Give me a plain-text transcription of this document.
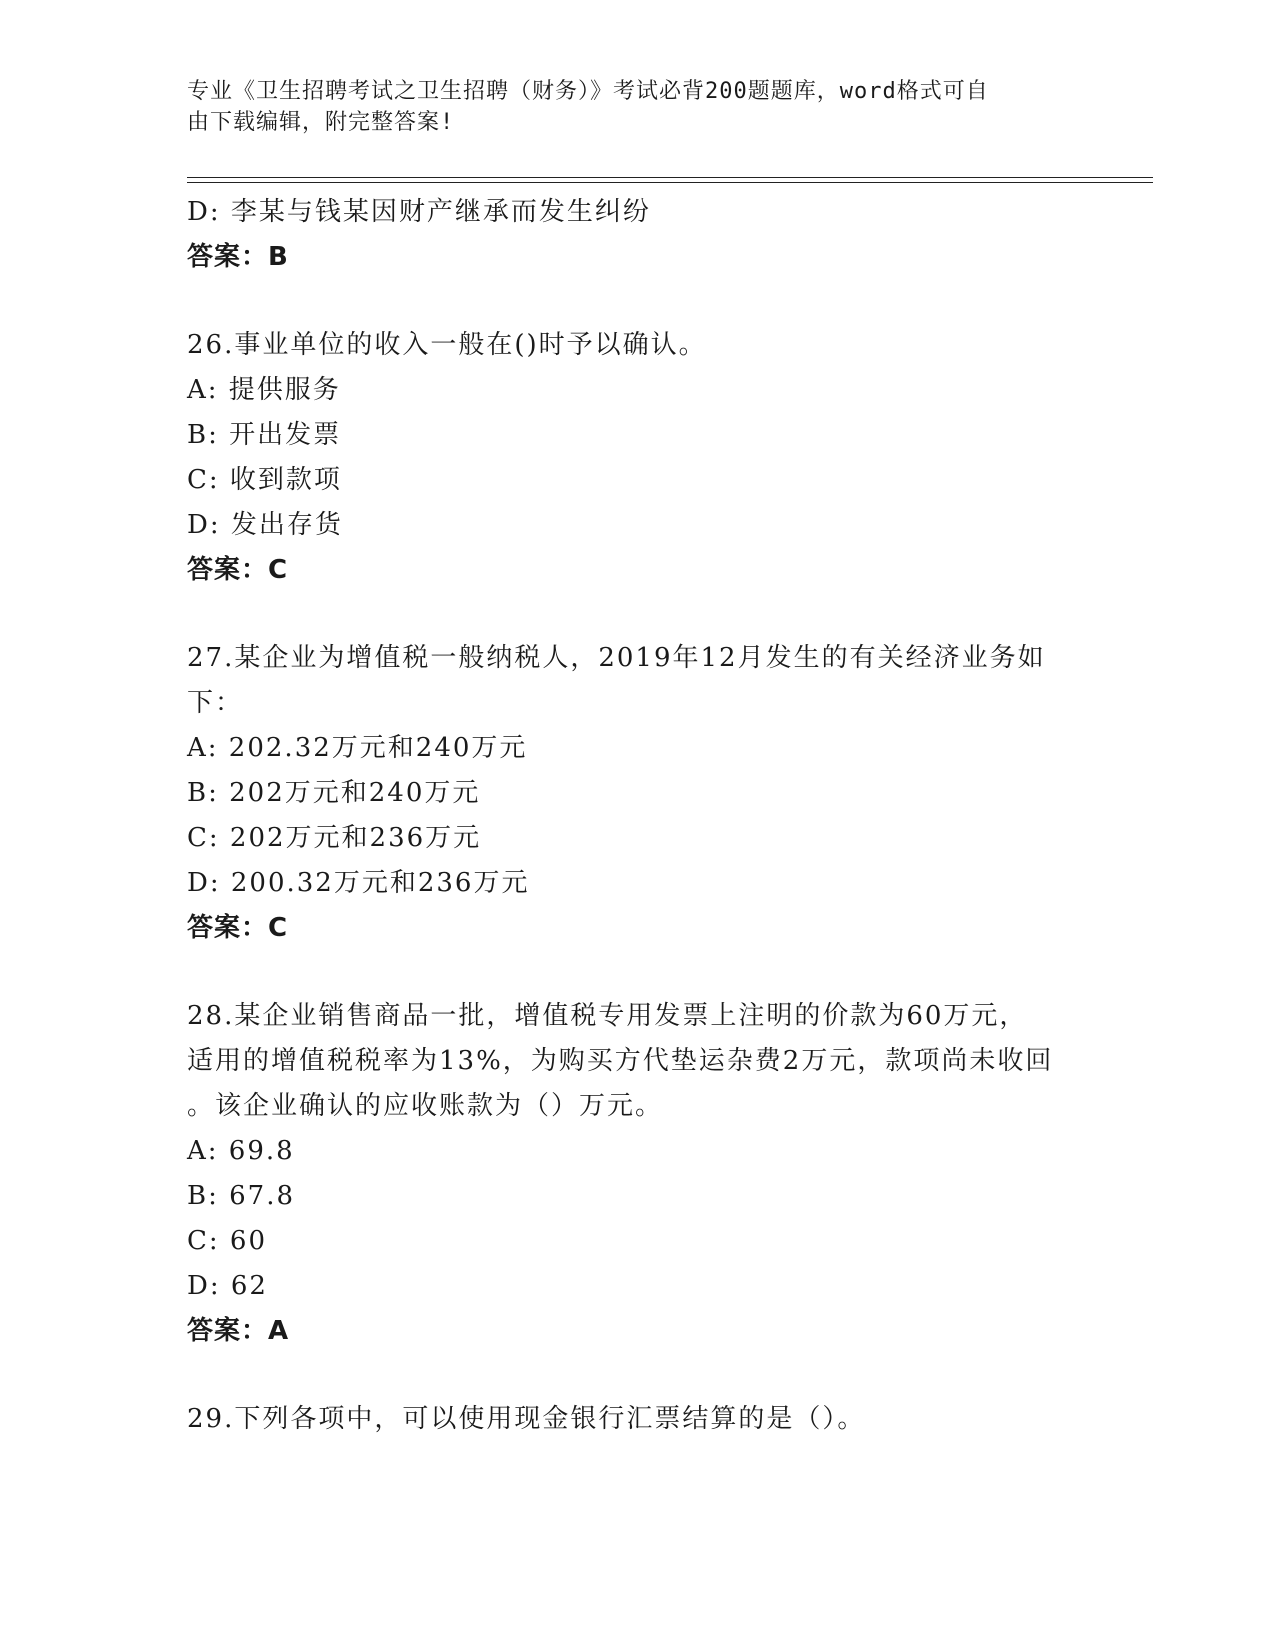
专业《卫生招聘考试之卫生招聘（财务）》考试必背200题题库，word格式可自
由下载编辑，附完整答案!
D: 李某与钱某因财产继承而发生纠纷
答案：B
26.事业单位的收入一般在()时予以确认。
A: 提供服务
B: 开出发票
C: 收到款项
D: 发出存货
答案：C
27.某企业为增值税一般纳税人，2019年12月发生的有关经济业务如
下：
A: 202.32万元和240万元
B: 202万元和240万元
C: 202万元和236万元
D: 200.32万元和236万元
答案：C
28.某企业销售商品一批，增值税专用发票上注明的价款为60万元，
适用的增值税税率为13%，为购买方代垫运杂费2万元，款项尚未收回
。该企业确认的应收账款为（）万元。
A: 69.8
B: 67.8
C: 60
D: 62
答案：A
29.下列各项中，可以使用现金银行汇票结算的是（）。
